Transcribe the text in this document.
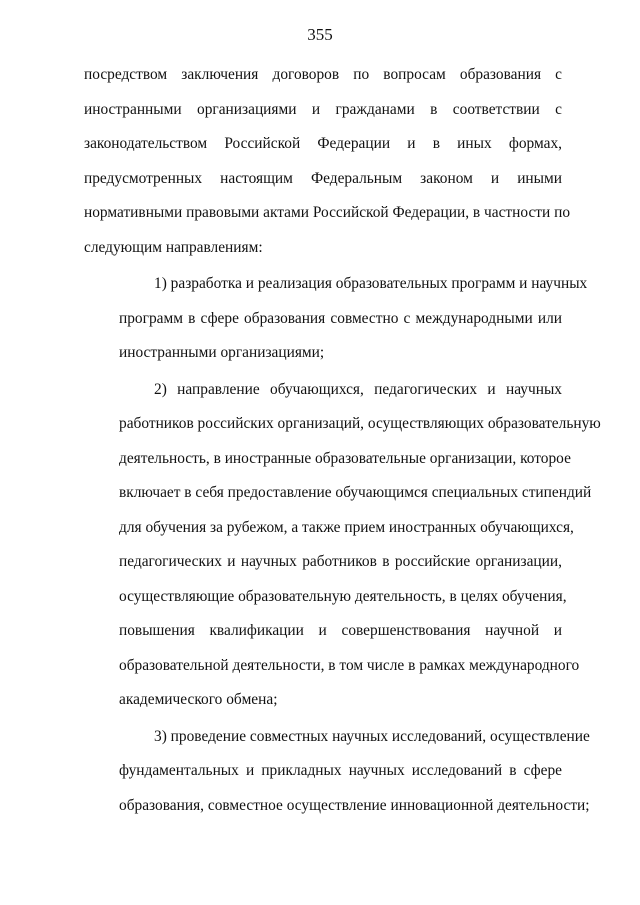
355
посредством заключения договоров по вопросам образования с
иностранными организациями и гражданами в соответствии с
законодательством Российской Федерации и в иных формах,
предусмотренных настоящим Федеральным законом и иными
нормативными правовыми актами Российской Федерации, в частности по
следующим направлениям:
1) разработка и реализация образовательных программ и научных
программ в сфере образования совместно с международными или
иностранными организациями;
2) направление обучающихся, педагогических и научных
работников российских организаций, осуществляющих образовательную
деятельность, в иностранные образовательные организации, которое
включает в себя предоставление обучающимся специальных стипендий
для обучения за рубежом, а также прием иностранных обучающихся,
педагогических и научных работников в российские организации,
осуществляющие образовательную деятельность, в целях обучения,
повышения квалификации и совершенствования научной и
образовательной деятельности, в том числе в рамках международного
академического обмена;
3) проведение совместных научных исследований, осуществление
фундаментальных и прикладных научных исследований в сфере
образования, совместное осуществление инновационной деятельности;
